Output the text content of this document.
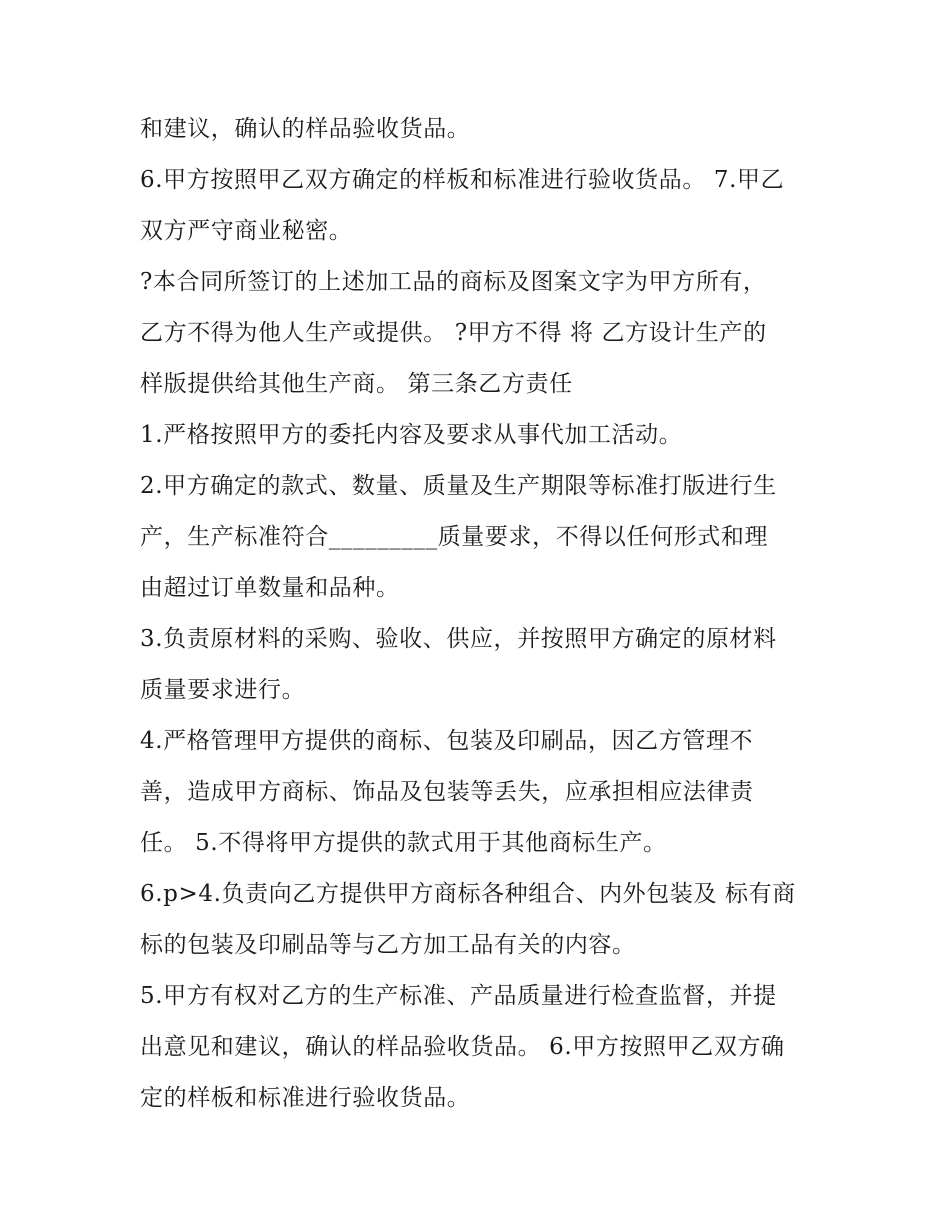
和建议，确认的样品验收货品。
6.甲方按照甲乙双方确定的样板和标准进行验收货品。 7.甲乙
双方严守商业秘密。
?本合同所签订的上述加工品的商标及图案文字为甲方所有，
乙方不得为他人生产或提供。 ?甲方不得 将 乙方设计生产的
样版提供给其他生产商。 第三条乙方责任
1.严格按照甲方的委托内容及要求从事代加工活动。
2.甲方确定的款式、数量、质量及生产期限等标准打版进行生
产，生产标准符合_________质量要求，不得以任何形式和理
由超过订单数量和品种。
3.负责原材料的采购、验收、供应，并按照甲方确定的原材料
质量要求进行。
4.严格管理甲方提供的商标、包装及印刷品，因乙方管理不
善，造成甲方商标、饰品及包装等丢失，应承担相应法律责
任。 5.不得将甲方提供的款式用于其他商标生产。
6.p>4.负责向乙方提供甲方商标各种组合、内外包装及 标有商
标的包装及印刷品等与乙方加工品有关的内容。
5.甲方有权对乙方的生产标准、产品质量进行检查监督，并提
出意见和建议，确认的样品验收货品。 6.甲方按照甲乙双方确
定的样板和标准进行验收货品。
